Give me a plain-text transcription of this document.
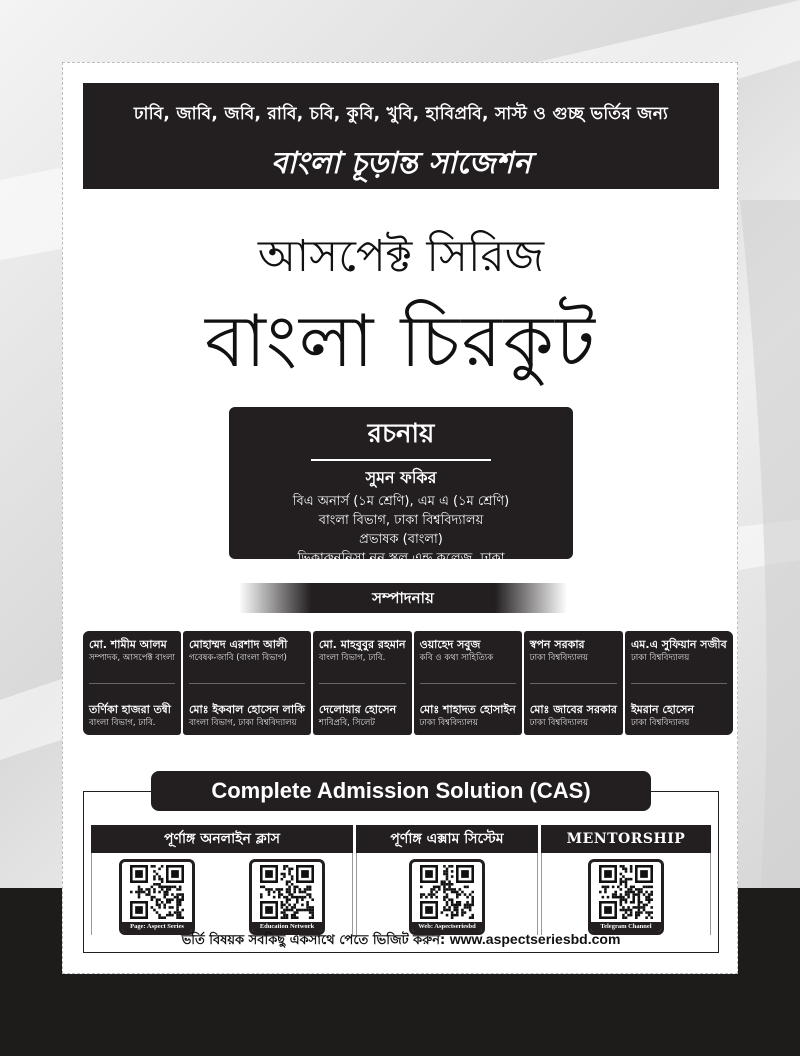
ঢাবি, জাবি, জবি, রাবি, চবি, কুবি, খুবি, হাবিপ্রবি, সাস্ট ও গুচ্ছ ভর্তির জন্য
বাংলা চূড়ান্ত সাজেশন
আসপেক্ট সিরিজ
বাংলা চিরকুট
রচনায়
সুমন ফকির
বিএ অনার্স (১ম শ্রেণি), এম এ (১ম শ্রেণি)
বাংলা বিভাগ, ঢাকা বিশ্ববিদ্যালয়
প্রভাষক (বাংলা)
ভিকারুননিসা নূন স্কুল এন্ড কলেজ, ঢাকা
সম্পাদনায়
মো. শামীম আলম
সম্পাদক, আসপেক্ট বাংলা
তর্ণিকা হাজরা তন্বী
বাংলা বিভাগ, ঢাবি.
মোহাম্মদ এরশাদ আলী
গবেষক-জাবি (বাংলা বিভাগ)
মোঃ ইকবাল হোসেন লাকি
বাংলা বিভাগ, ঢাকা বিশ্ববিদ্যালয়
মো. মাহবুবুর রহমান
বাংলা বিভাগ, ঢাবি.
দেলোয়ার হোসেন
শাবিপ্রবি, সিলেট
ওয়াহেদ সবুজ
কবি ও কথা সাহিত্যিক
মোঃ শাহাদত হোসাইন
ঢাকা বিশ্ববিদ্যালয়
স্বপন সরকার
ঢাকা বিশ্ববিদ্যালয়
মোঃ জাবের সরকার
ঢাকা বিশ্ববিদ্যালয়
এম.এ সুফিয়ান সজীব
ঢাকা বিশ্ববিদ্যালয়
ইমরান হোসেন
ঢাকা বিশ্ববিদ্যালয়
Complete Admission Solution (CAS)
পূর্ণাঙ্গ অনলাইন ক্লাস
Page: Aspect Series	Education Network
পূর্ণাঙ্গ এক্সাম সিস্টেম
Web: Aspectseriesbd
MENTORSHIP
Telegram Channel
ভর্তি বিষয়ক সবকিছু একসাথে পেতে ভিজিট করুন: www.aspectseriesbd.com
